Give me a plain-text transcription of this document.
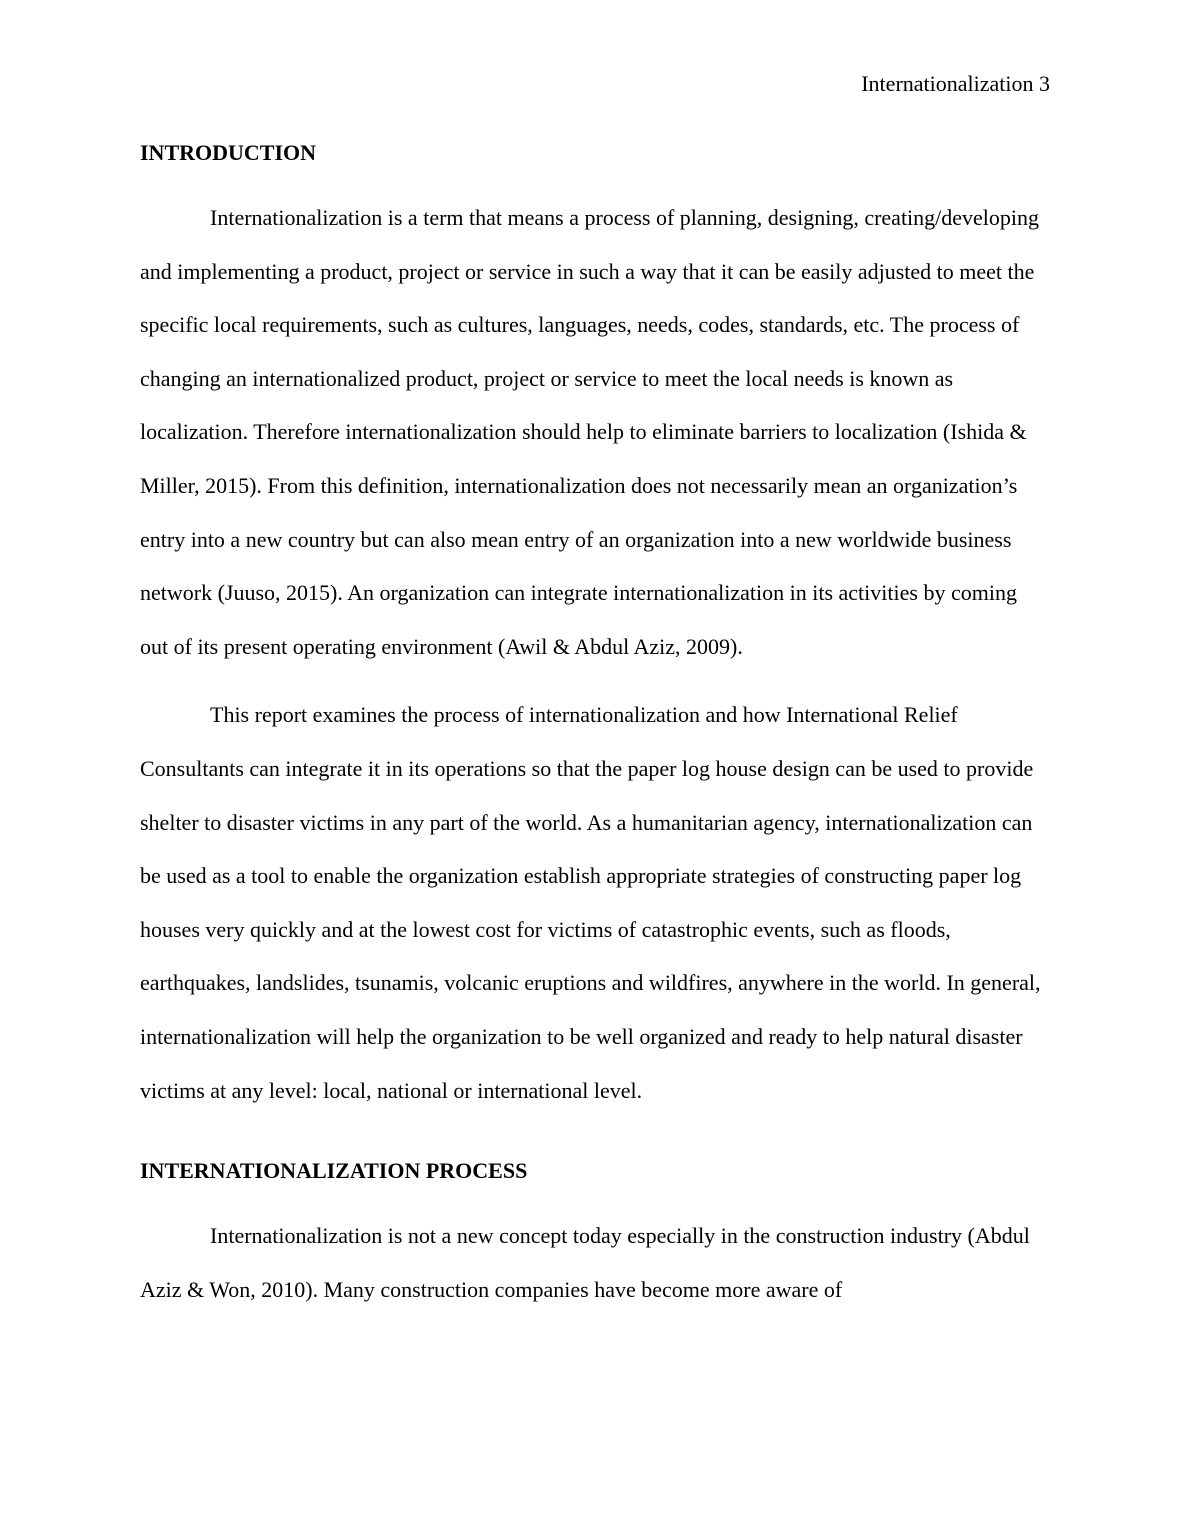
Internationalization 3
INTRODUCTION

Internationalization is a term that means a process of planning, designing, creating/developing and implementing a product, project or service in such a way that it can be easily adjusted to meet the specific local requirements, such as cultures, languages, needs, codes, standards, etc. The process of changing an internationalized product, project or service to meet the local needs is known as localization. Therefore internationalization should help to eliminate barriers to localization (Ishida & Miller, 2015). From this definition, internationalization does not necessarily mean an organization’s entry into a new country but can also mean entry of an organization into a new worldwide business network (Juuso, 2015). An organization can integrate internationalization in its activities by coming out of its present operating environment (Awil & Abdul Aziz, 2009).

This report examines the process of internationalization and how International Relief Consultants can integrate it in its operations so that the paper log house design can be used to provide shelter to disaster victims in any part of the world. As a humanitarian agency, internationalization can be used as a tool to enable the organization establish appropriate strategies of constructing paper log houses very quickly and at the lowest cost for victims of catastrophic events, such as floods, earthquakes, landslides, tsunamis, volcanic eruptions and wildfires, anywhere in the world. In general, internationalization will help the organization to be well organized and ready to help natural disaster victims at any level: local, national or international level.

INTERNATIONALIZATION PROCESS

Internationalization is not a new concept today especially in the construction industry (Abdul Aziz & Won, 2010). Many construction companies have become more aware of
